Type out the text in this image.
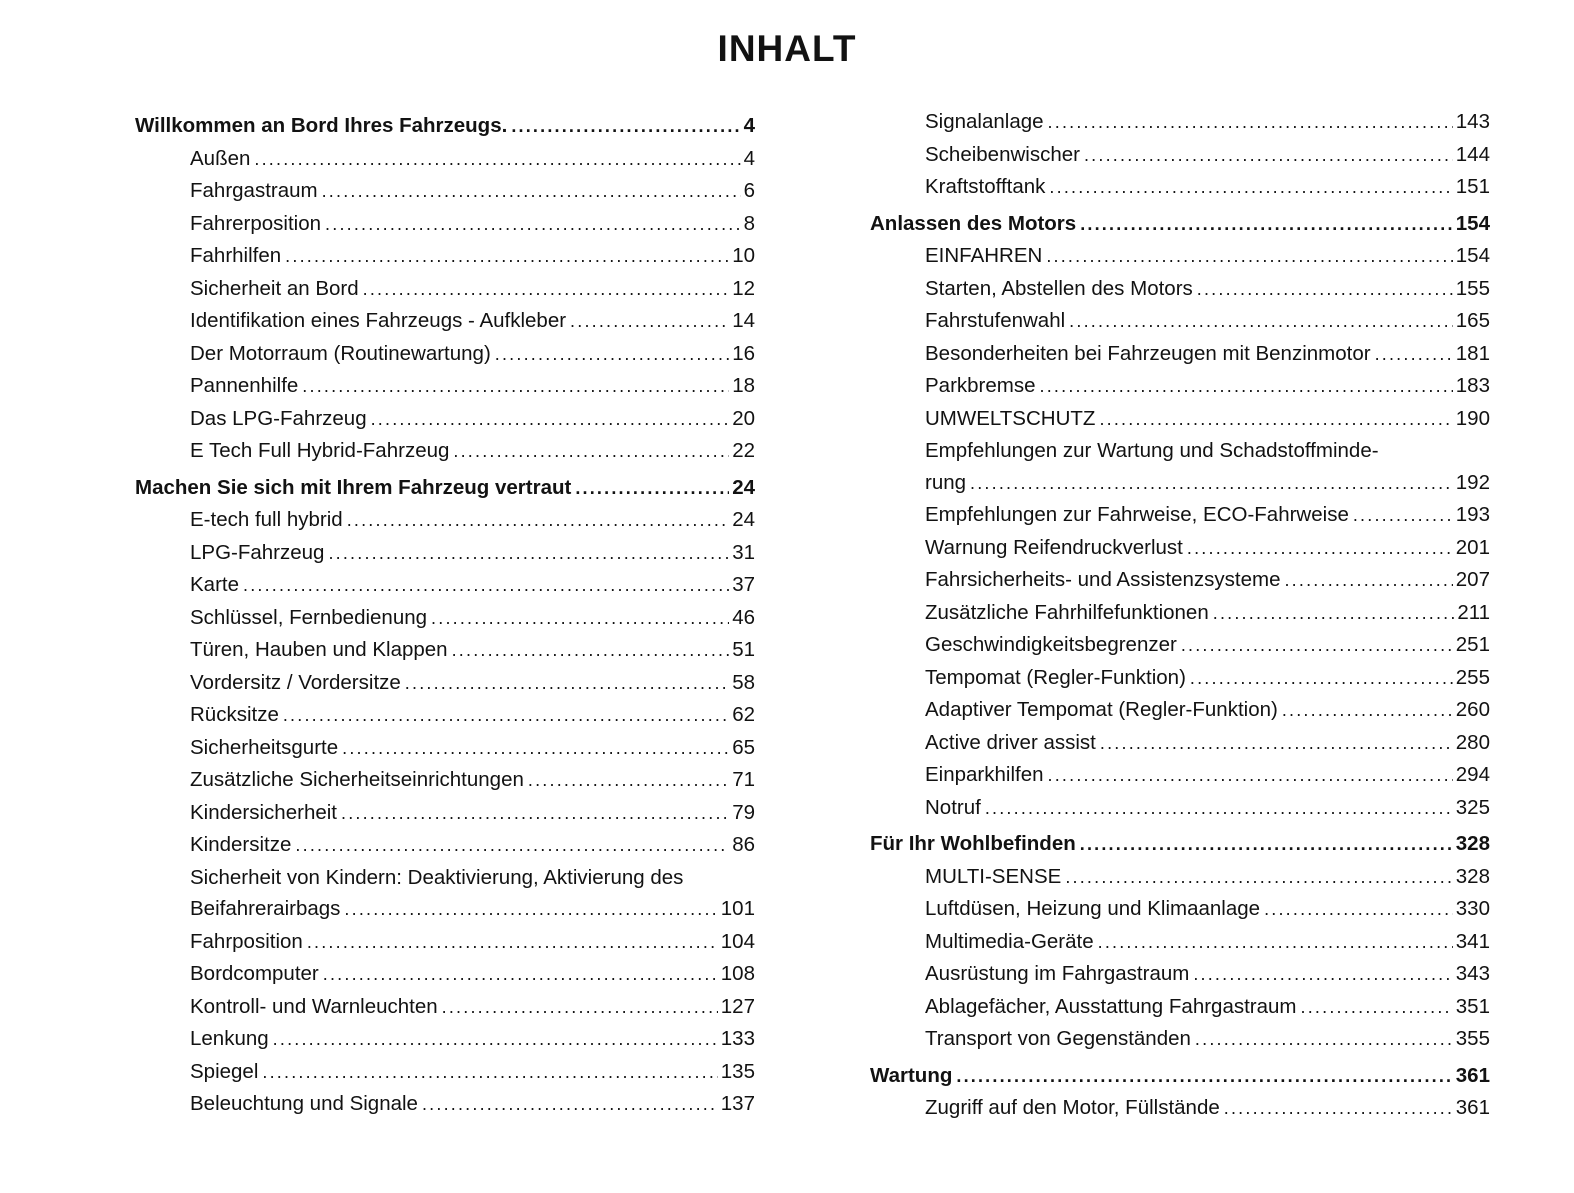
INHALT
Willkommen an Bord Ihres Fahrzeugs. .....	4
Außen .....	4
Fahrgastraum .....	6
Fahrerposition .....	8
Fahrhilfen .....	10
Sicherheit an Bord .....	12
Identifikation eines Fahrzeugs - Aufkleber .....	14
Der Motorraum (Routinewartung) .....	16
Pannenhilfe .....	18
Das LPG-Fahrzeug .....	20
E Tech Full Hybrid-Fahrzeug .....	22
Machen Sie sich mit Ihrem Fahrzeug vertraut .....	24
E-tech full hybrid .....	24
LPG-Fahrzeug .....	31
Karte .....	37
Schlüssel, Fernbedienung .....	46
Türen, Hauben und Klappen .....	51
Vordersitz / Vordersitze .....	58
Rücksitze .....	62
Sicherheitsgurte .....	65
Zusätzliche Sicherheitseinrichtungen .....	71
Kindersicherheit .....	79
Kindersitze .....	86
Sicherheit von Kindern: Deaktivierung, Aktivierung des
Beifahrerairbags .....	101
Fahrposition .....	104
Bordcomputer .....	108
Kontroll- und Warnleuchten .....	127
Lenkung .....	133
Spiegel .....	135
Beleuchtung und Signale .....	137
Signalanlage .....	143
Scheibenwischer .....	144
Kraftstofftank .....	151
Anlassen des Motors .....	154
EINFAHREN .....	154
Starten, Abstellen des Motors .....	155
Fahrstufenwahl .....	165
Besonderheiten bei Fahrzeugen mit Benzinmotor .....	181
Parkbremse .....	183
UMWELTSCHUTZ .....	190
Empfehlungen zur Wartung und Schadstoffminde-
rung .....	192
Empfehlungen zur Fahrweise, ECO-Fahrweise .....	193
Warnung Reifendruckverlust .....	201
Fahrsicherheits- und Assistenzsysteme .....	207
Zusätzliche Fahrhilfefunktionen .....	211
Geschwindigkeitsbegrenzer .....	251
Tempomat (Regler-Funktion) .....	255
Adaptiver Tempomat (Regler-Funktion) .....	260
Active driver assist .....	280
Einparkhilfen .....	294
Notruf .....	325
Für Ihr Wohlbefinden .....	328
MULTI-SENSE .....	328
Luftdüsen, Heizung und Klimaanlage .....	330
Multimedia-Geräte .....	341
Ausrüstung im Fahrgastraum .....	343
Ablagefächer, Ausstattung Fahrgastraum .....	351
Transport von Gegenständen .....	355
Wartung .....	361
Zugriff auf den Motor, Füllstände .....	361
